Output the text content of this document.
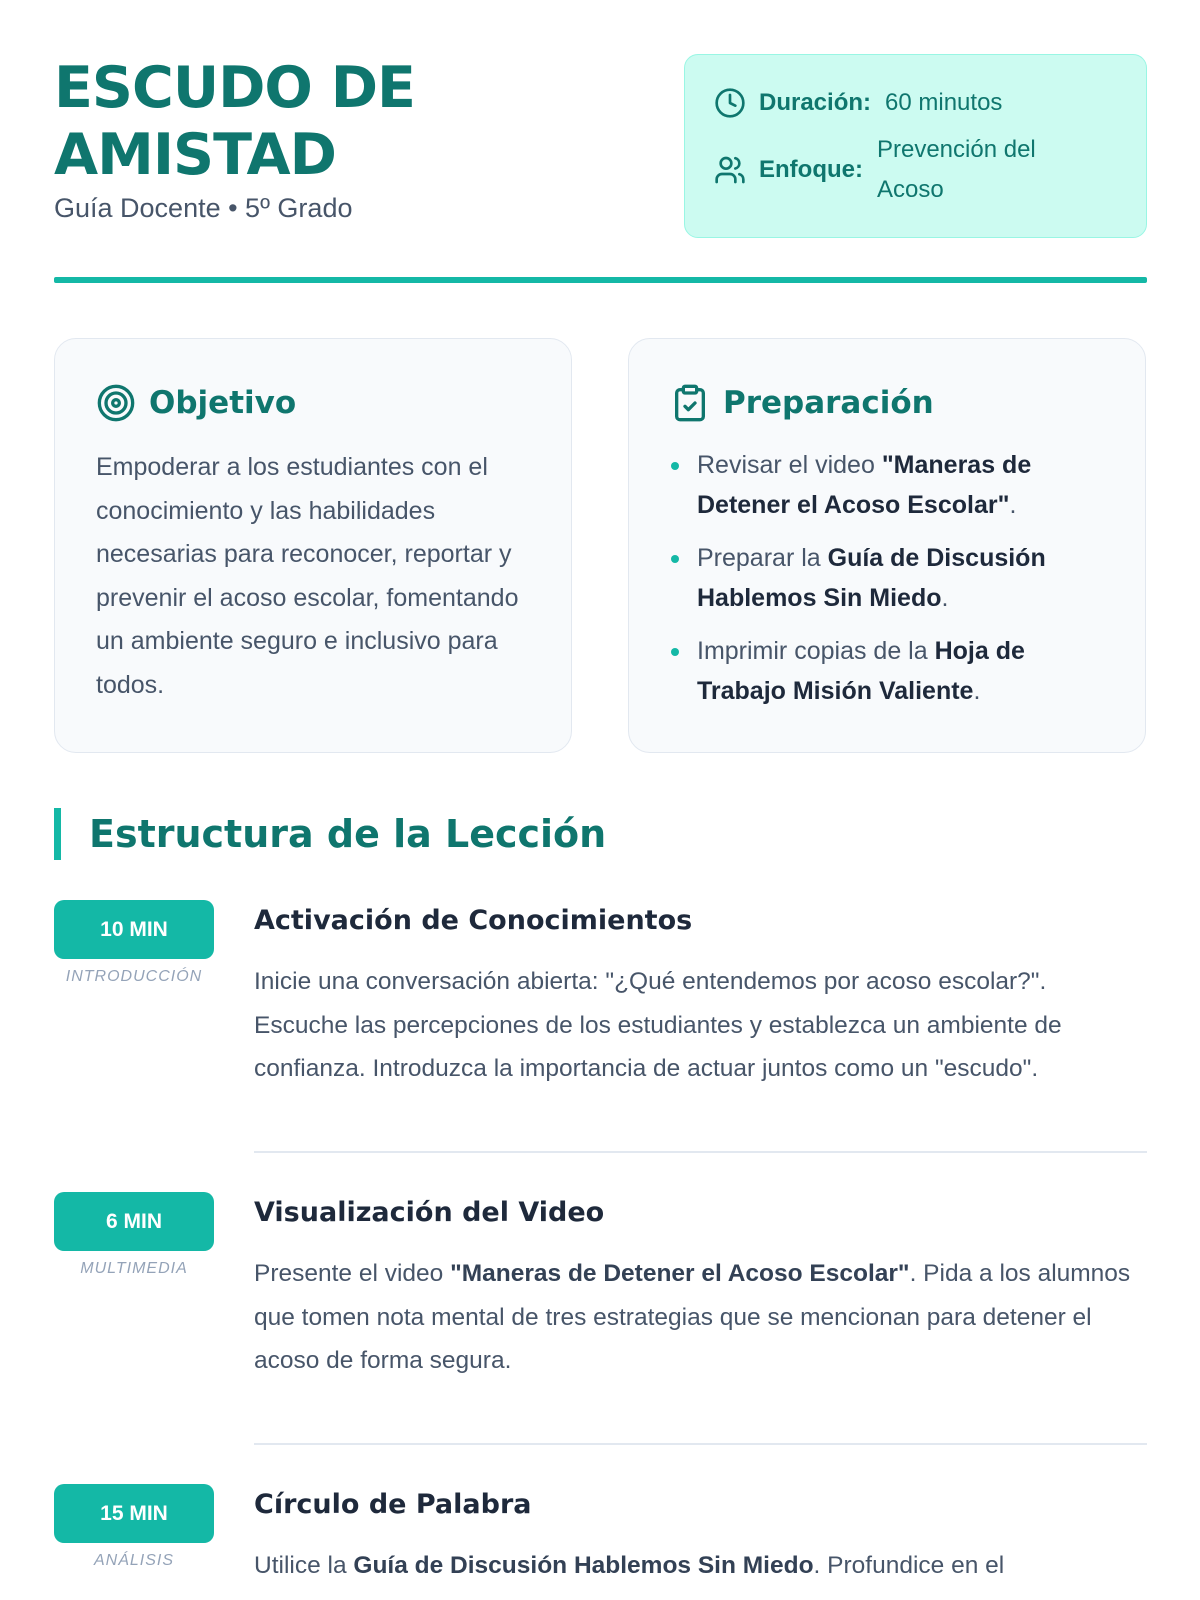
ESCUDO DE
AMISTAD
Guía Docente • 5º Grado
Duración: 60 minutos
Enfoque:
Prevención del Acoso
Objetivo

Empoderar a los estudiantes con el conocimiento y las habilidades necesarias para reconocer, reportar y prevenir el acoso escolar, fomentando un ambiente seguro e inclusivo para todos.

Preparación
Revisar el video "Maneras de Detener el Acoso Escolar".
Preparar la Guía de Discusión Hablemos Sin Miedo.
Imprimir copias de la Hoja de Trabajo Misión Valiente.
Estructura de la Lección
10 MIN
INTRODUCCIÓN
Activación de Conocimientos

Inicie una conversación abierta: "¿Qué entendemos por acoso escolar?". Escuche las percepciones de los estudiantes y establezca un ambiente de confianza. Introduzca la importancia de actuar juntos como un "escudo".

6 MIN
MULTIMEDIA
Visualización del Video

Presente el video "Maneras de Detener el Acoso Escolar". Pida a los alumnos que tomen nota mental de tres estrategias que se mencionan para detener el acoso de forma segura.

15 MIN
ANÁLISIS
Círculo de Palabra

Utilice la Guía de Discusión Hablemos Sin Miedo. Profundice en el
